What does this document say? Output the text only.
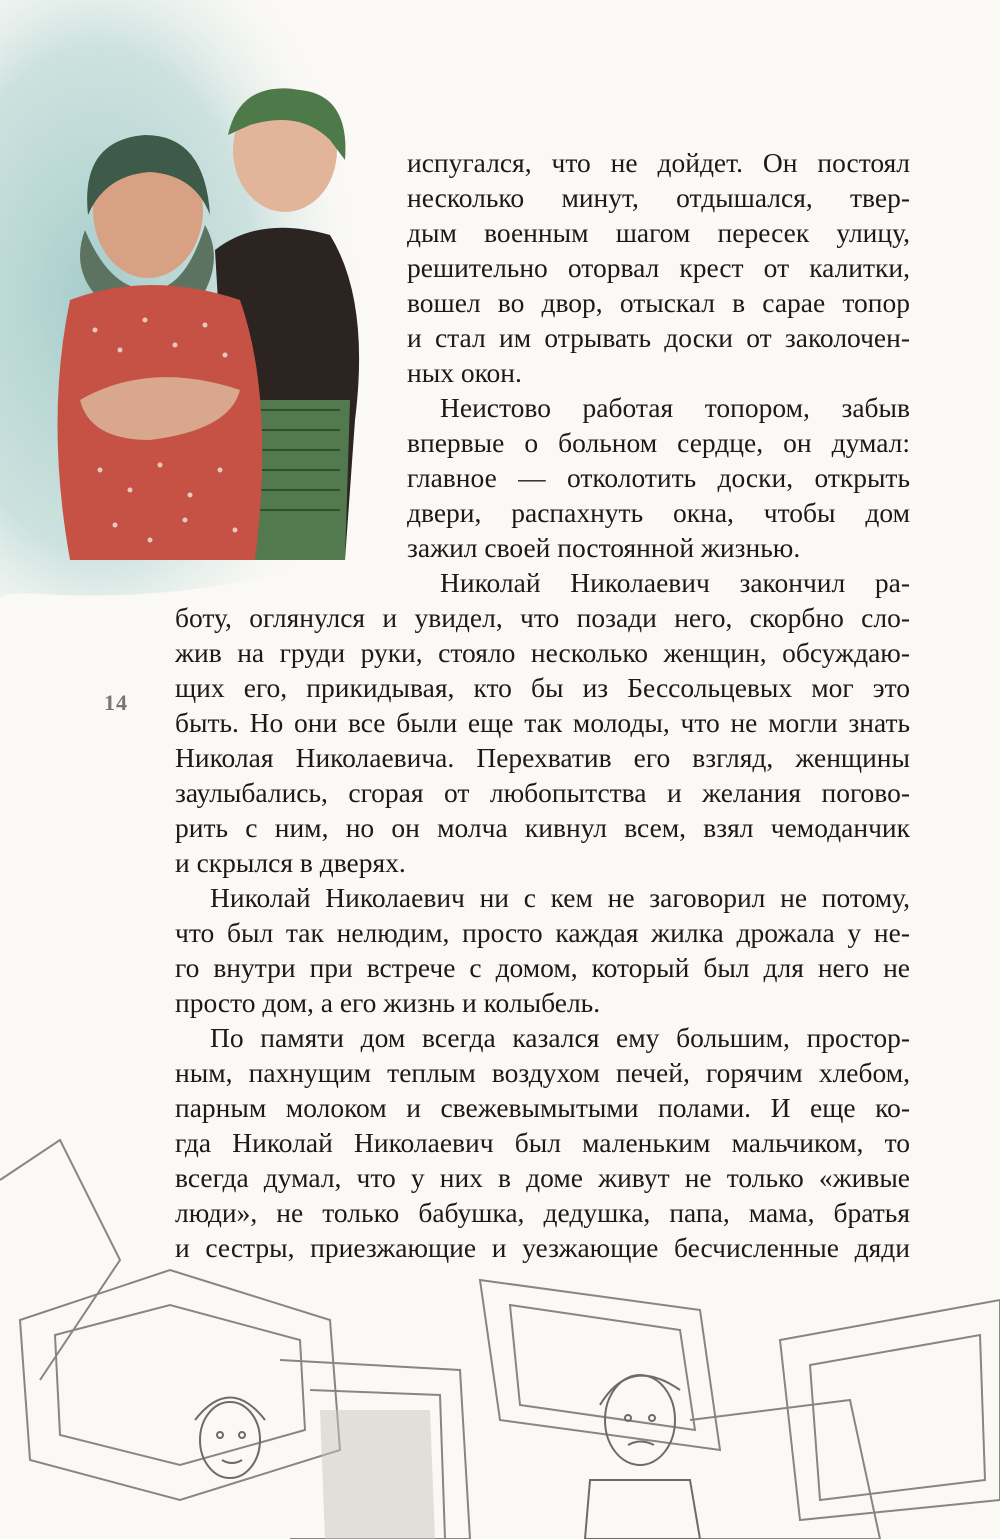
14
испугался, что не дойдет. Он постоял
несколько минут, отдышался, твер-
дым военным шагом пересек улицу,
решительно оторвал крест от калитки,
вошел во двор, отыскал в сарае топор
и стал им отрывать доски от заколочен-
ных окон.
Неистово работая топором, забыв
впервые о больном сердце, он думал:
главное — отколотить доски, открыть
двери, распахнуть окна, чтобы дом
зажил своей постоянной жизнью.
Николай Николаевич закончил ра-
боту, оглянулся и увидел, что позади него, скорбно сло-
жив на груди руки, стояло несколько женщин, обсуждаю-
щих его, прикидывая, кто бы из Бессольцевых мог это
быть. Но они все были еще так молоды, что не могли знать
Николая Николаевича. Перехватив его взгляд, женщины
заулыбались, сгорая от любопытства и желания погово-
рить с ним, но он молча кивнул всем, взял чемоданчик
и скрылся в дверях.
Николай Николаевич ни с кем не заговорил не потому,
что был так нелюдим, просто каждая жилка дрожала у не-
го внутри при встрече с домом, который был для него не
просто дом, а его жизнь и колыбель.
По памяти дом всегда казался ему большим, простор-
ным, пахнущим теплым воздухом печей, горячим хлебом,
парным молоком и свежевымытыми полами. И еще ко-
гда Николай Николаевич был маленьким мальчиком, то
всегда думал, что у них в доме живут не только «живые
люди», не только бабушка, дедушка, папа, мама, братья
и сестры, приезжающие и уезжающие бесчисленные дяди
